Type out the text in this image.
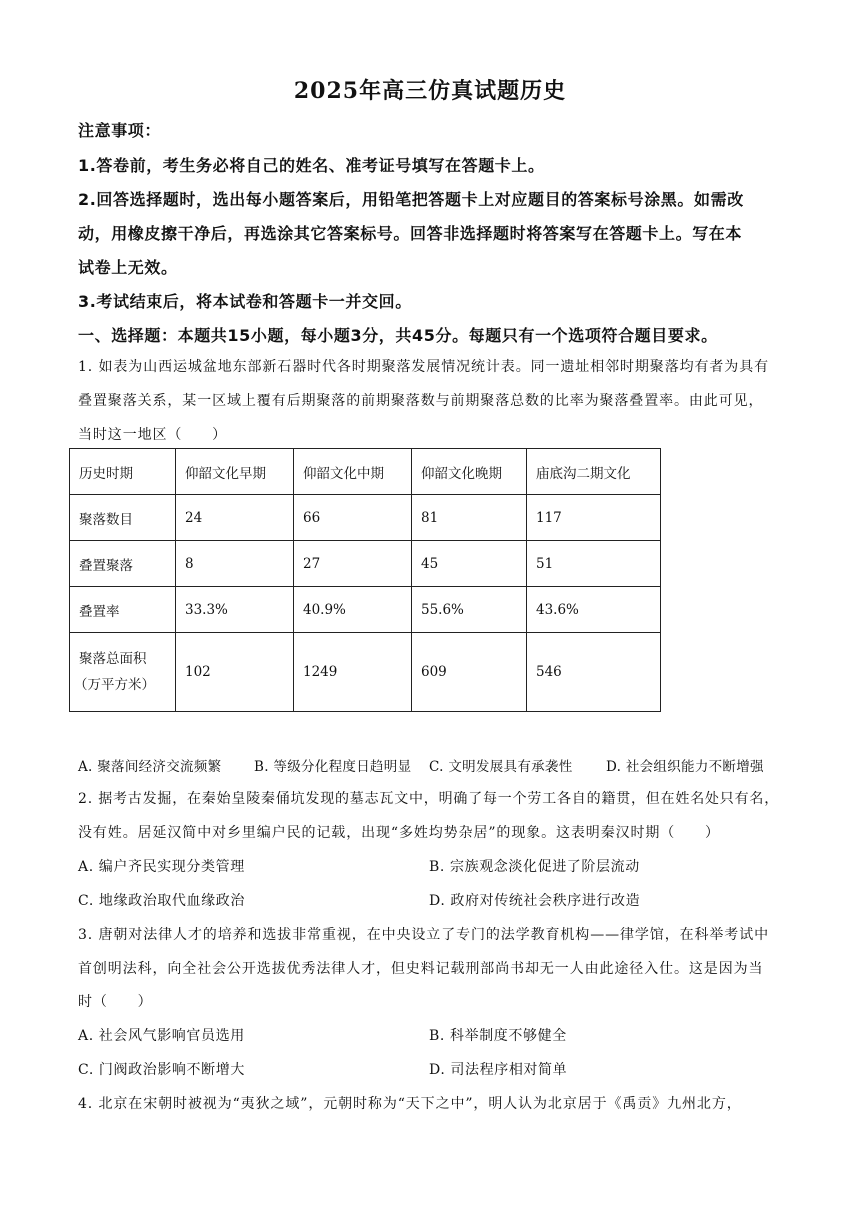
2025年高三仿真试题历史
注意事项：
1.答卷前，考生务必将自己的姓名、准考证号填写在答题卡上。
2.回答选择题时，选出每小题答案后，用铅笔把答题卡上对应题目的答案标号涂黑。如需改
动，用橡皮擦干净后，再选涂其它答案标号。回答非选择题时将答案写在答题卡上。写在本
试卷上无效。
3.考试结束后，将本试卷和答题卡一并交回。
一、选择题：本题共15小题，每小题3分，共45分。每题只有一个选项符合题目要求。
1. 如表为山西运城盆地东部新石器时代各时期聚落发展情况统计表。同一遗址相邻时期聚落均有者为具有
叠置聚落关系，某一区域上覆有后期聚落的前期聚落数与前期聚落总数的比率为聚落叠置率。由此可见，
当时这一地区（　　）
历史时期	仰韶文化早期	仰韶文化中期	仰韶文化晚期	庙底沟二期文化
聚落数目	24	66	81	117
叠置聚落	8	27	45	51
叠置率	33.3%	40.9%	55.6%	43.6%

聚落总面积
（万平方米）	102	1249	609	546
A. 聚落间经济交流频繁 B. 等级分化程度日趋明显 C. 文明发展具有承袭性 D. 社会组织能力不断增强
2. 据考古发掘，在秦始皇陵秦俑坑发现的墓志瓦文中，明确了每一个劳工各自的籍贯，但在姓名处只有名，
没有姓。居延汉简中对乡里编户民的记载，出现“多姓均势杂居”的现象。这表明秦汉时期（　　）
A. 编户齐民实现分类管理	B. 宗族观念淡化促进了阶层流动
C. 地缘政治取代血缘政治	D. 政府对传统社会秩序进行改造
3. 唐朝对法律人才的培养和选拔非常重视，在中央设立了专门的法学教育机构——律学馆，在科举考试中
首创明法科，向全社会公开选拔优秀法律人才，但史料记载刑部尚书却无一人由此途径入仕。这是因为当
时（　　）
A. 社会风气影响官员选用	B. 科举制度不够健全
C. 门阀政治影响不断增大	D. 司法程序相对简单
4. 北京在宋朝时被视为“夷狄之域”，元朝时称为“天下之中”，明人认为北京居于《禹贡》九州北方，
